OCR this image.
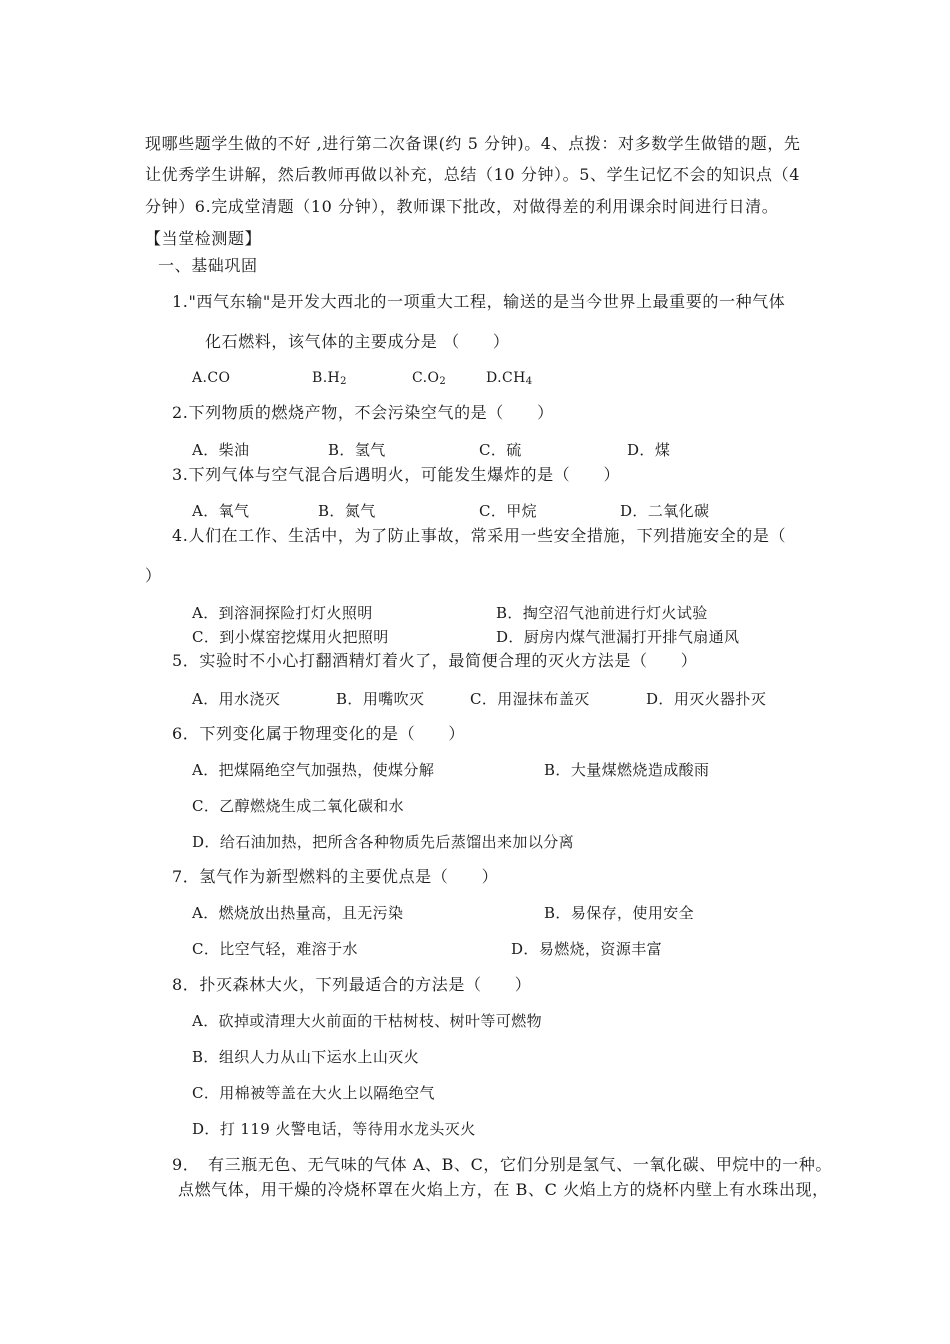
现哪些题学生做的不好 ,进行第二次备课(约 5 分钟)。4、点拨：对多数学生做错的题，先
让优秀学生讲解，然后教师再做以补充，总结（10 分钟）。5、学生记忆不会的知识点（4
分钟）6.完成堂清题（10 分钟），教师课下批改，对做得差的利用课余时间进行日清。
【当堂检测题】
一、基础巩固
1."西气东输"是开发大西北的一项重大工程，输送的是当今世界上最重要的一种气体
化石燃料，该气体的主要成分是 （　　）
A.CO	$B.H_2$	$C.O_2$	$D.CH_4$
2.下列物质的燃烧产物，不会污染空气的是（　　）
A．柴油	B．氢气	C．硫	D．煤
3.下列气体与空气混合后遇明火，可能发生爆炸的是（　　）
A．氧气	B．氮气	C．甲烷	D．二氧化碳
4.人们在工作、生活中，为了防止事故，常采用一些安全措施，下列措施安全的是（
）
A．到溶洞探险打灯火照明	B．掏空沼气池前进行灯火试验
C．到小煤窑挖煤用火把照明	D．厨房内煤气泄漏打开排气扇通风
5．实验时不小心打翻酒精灯着火了，最简便合理的灭火方法是（　　）
A．用水浇灭	B．用嘴吹灭	C．用湿抹布盖灭	D．用灭火器扑灭
6．下列变化属于物理变化的是（　　）
A．把煤隔绝空气加强热，使煤分解	B．大量煤燃烧造成酸雨
C．乙醇燃烧生成二氧化碳和水
D．给石油加热，把所含各种物质先后蒸馏出来加以分离
7．氢气作为新型燃料的主要优点是（　　）
A．燃烧放出热量高，且无污染	B．易保存，使用安全
C．比空气轻，难溶于水	D．易燃烧，资源丰富
8．扑灭森林大火，下列最适合的方法是（　　）
A．砍掉或清理大火前面的干枯树枝、树叶等可燃物
B．组织人力从山下运水上山灭火
C．用棉被等盖在大火上以隔绝空气
D．打 119 火警电话，等待用水龙头灭火
9．　有三瓶无色、无气味的气体 A、B、C，它们分别是氢气、一氧化碳、甲烷中的一种。
点燃气体，用干燥的冷烧杯罩在火焰上方，在 B、C 火焰上方的烧杯内壁上有水珠出现，
